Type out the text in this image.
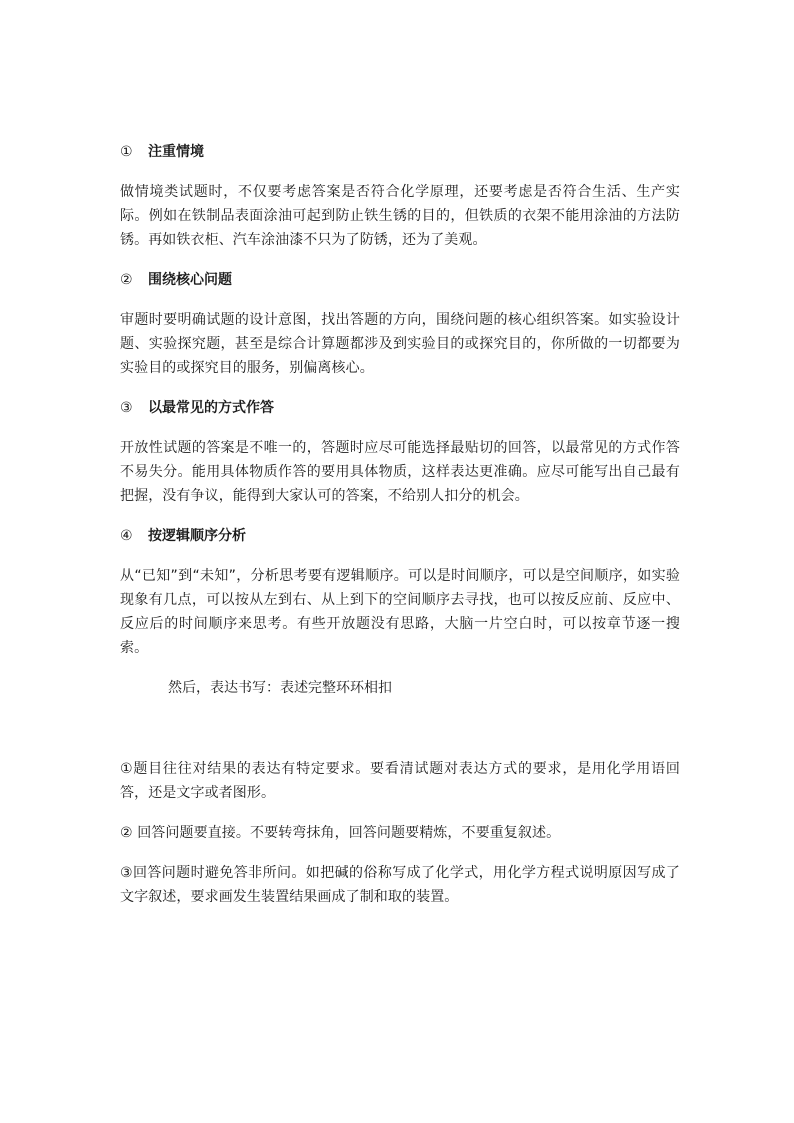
①	注重情境

做情境类试题时，不仅要考虑答案是否符合化学原理，还要考虑是否符合生活、生产实际。例如在铁制品表面涂油可起到防止铁生锈的目的，但铁质的衣架不能用涂油的方法防锈。再如铁衣柜、汽车涂油漆不只为了防锈，还为了美观。

②	围绕核心问题

审题时要明确试题的设计意图，找出答题的方向，围绕问题的核心组织答案。如实验设计题、实验探究题，甚至是综合计算题都涉及到实验目的或探究目的，你所做的一切都要为实验目的或探究目的服务，别偏离核心。

③	以最常见的方式作答

开放性试题的答案是不唯一的，答题时应尽可能选择最贴切的回答，以最常见的方式作答不易失分。能用具体物质作答的要用具体物质，这样表达更准确。应尽可能写出自己最有把握，没有争议，能得到大家认可的答案，不给别人扣分的机会。

④	按逻辑顺序分析

从“已知”到“未知”，分析思考要有逻辑顺序。可以是时间顺序，可以是空间顺序，如实验现象有几点，可以按从左到右、从上到下的空间顺序去寻找，也可以按反应前、反应中、反应后的时间顺序来思考。有些开放题没有思路，大脑一片空白时，可以按章节逐一搜索。

然后，表达书写：表述完整环环相扣

①题目往往对结果的表达有特定要求。要看清试题对表达方式的要求，是用化学用语回答，还是文字或者图形。

② 回答问题要直接。不要转弯抹角，回答问题要精炼，不要重复叙述。

③回答问题时避免答非所问。如把碱的俗称写成了化学式，用化学方程式说明原因写成了文字叙述，要求画发生装置结果画成了制和取的装置。
